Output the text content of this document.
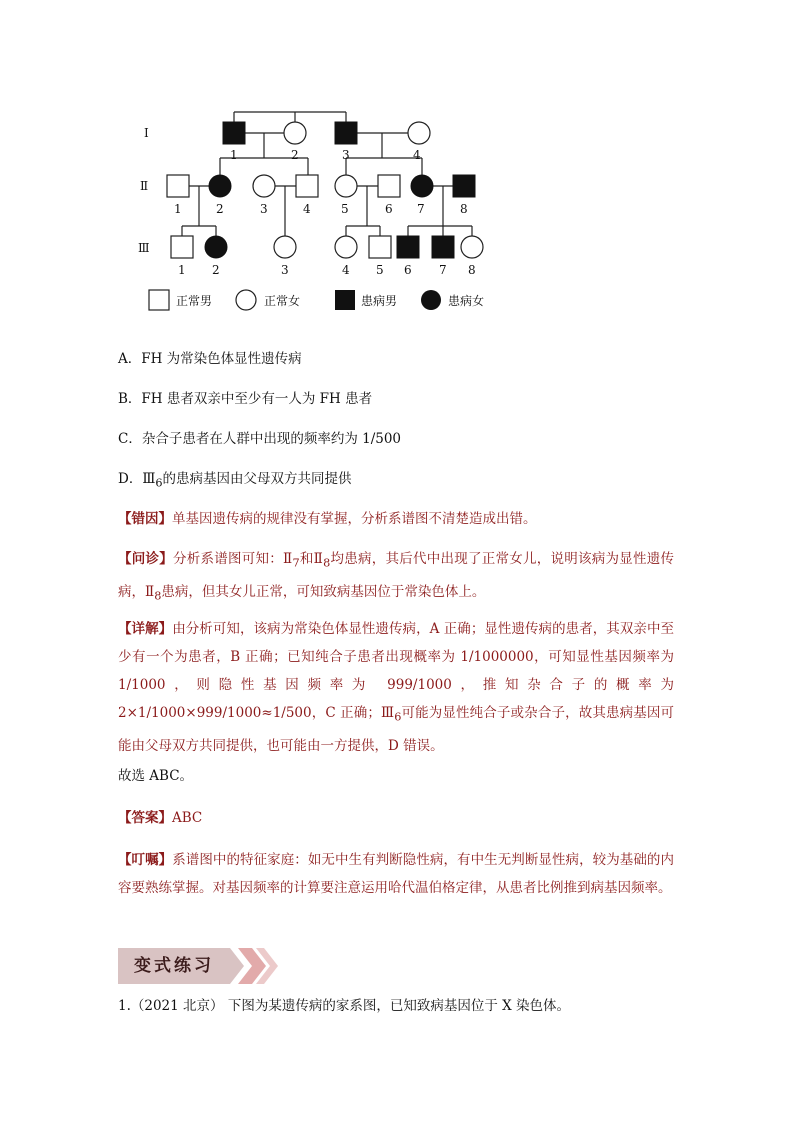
Ⅰ
Ⅱ
Ⅲ
1	2	3	4
1	2	3	4	5	6 7	8
1 2	3	4 5 6 7 8
正常男	正常女	患病男	患病女

A．FH 为常染色体显性遗传病

B．FH 患者双亲中至少有一人为 FH 患者

C．杂合子患者在人群中出现的频率约为 1/500

D．$Ⅲ_6$的患病基因由父母双方共同提供

【错因】单基因遗传病的规律没有掌握，分析系谱图不清楚造成出错。

【问诊】分析系谱图可知：$Ⅱ_7$和$Ⅱ_8$均患病，其后代中出现了正常女儿，说明该病为显性遗传病，$Ⅱ_8$患病，但其女儿正常，可知致病基因位于常染色体上。

【详解】由分析可知，该病为常染色体显性遗传病，A 正确；显性遗传病的患者，其双亲中至少有一个为患者，B 正确；已知纯合子患者出现概率为 1/1000000，可知显性基因频率为 1/1000，则隐性基因频率为 999/1000，推知杂合子的概率为 2×1/1000×999/1000≈1/500，C 正确；$Ⅲ_6$可能为显性纯合子或杂合子，故其患病基因可能由父母双方共同提供，也可能由一方提供，D 错误。

故选 ABC。

【答案】ABC

【叮嘱】系谱图中的特征家庭：如无中生有判断隐性病，有中生无判断显性病，较为基础的内容要熟练掌握。对基因频率的计算要注意运用哈代温伯格定律，从患者比例推到病基因频率。

变式练习

1.（2021 北京） 下图为某遗传病的家系图，已知致病基因位于 X 染色体。
